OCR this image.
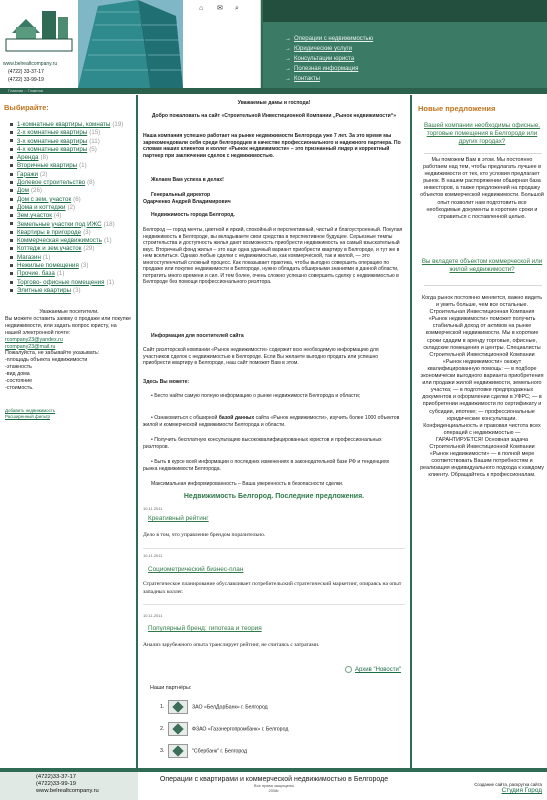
www.belrealtcompany.ru
(4722) 33-37-17
(4722) 33-99-19
⌂	✉ ⌕
→ Операции с недвижимостью
→ Юридические услуги
→ Консультации юриста
→ Полезная информация
→ Контакты
Главная :: Главная
Выбирайте:
1-комнатные квартиры, комнаты (19)
2-х комнатные квартиры (15)
3-х комнатные квартиры (11)
4-х комнатные квартиры (5)
Аренда (8)
Вторичные квартиры (1)
Гаражи (2)
Долевое строительство (8)
Дом (26)
Дом с зем. участок (6)
Дома и коттеджи (2)
Зем.участок (4)
Земельные участки под ИЖС (18)
Квартиры в пригороде (3)
Коммерческая недвижимость (1)
Коттедж и зем.участок (29)
Магазин (1)
Нежилые помещения (3)
Прочие. база (1)
Торгово- офисные помещения (1)
Элитные квартиры (3)
Уважаемые посетители.
Вы можете оставить заявку о продаже или покупке недвижимости, или задать вопрос юристу, на нашей электронной почте:
rcompany23@yandex.ru
rcompany23@mail.ru
Пожалуйста, не забывайте указывать:
-площадь объекта недвижимости
-этажность
-вид дома
-состояние
-стоимость.
Добавить недвижимость
Расширенный фильтр
Уважаемые дамы и господа!
Добро пожаловать на сайт «Строительной Инвестиционной Компании „Рынок недвижимости“»
Наша компания успешно работает на рынке недвижимости Белгорода уже 7 лет. За это время мы зарекомендовали себя среди белгородцев в качестве профессионального и надежного партнера. По словам наших клиентов и коллег «Рынок недвижимости» – это признанный лидер и корректный партнер при заключении сделок с недвижимостью.
Желаем Вам успеха в делах!
Генеральный директор
Одарченко Андрей Владимирович
Недвижимость города Белгород.
Белгород — город мечты, цветной и яркий, спокойный и перспективный, чистый и благоустроенный. Покупая недвижимость в Белгороде, вы вкладываете свои средства в перспективное будущее. Серьезные темпы строительства и доступность жилья дают возможность приобрести недвижимость на самый взыскательный вкус. Вторичный фонд жилья – это еще одна удачный вариант приобрести квартиру в Белгороде, и тут же в нем вселиться. Однако любые сделки с недвижимостью, как коммерческой, так и жилой, — это многоступенчатый сложный процесс. Как показывает практика, чтобы выгодно совершить операцию по продаже или покупке недвижимости в Белгороде, нужно обладать обширными знаниями в данной области, потратить много времени и сил. И тем более, очень сложно успешно совершить сделку с недвижимостью в Белгороде без помощи профессионального риэлтора.
Информация для посетителей сайта
Сайт риэлторской компании «Рынок недвижимости» содержит всю необходимую информацию для участников сделок с недвижимостью в Белгороде. Если Вы желаете выгодно продать или успешно приобрести квартиру в Белгороде, наш сайт поможет Вам в этом.
Здесь Вы можете:
• Бесто найти самую полную информацию о рынке недвижимости Белгорода и области;
• Ознакомиться с обширной базой данных сайта «Рынок недвижимости», изучить более 1000 объектов жилой и коммерческой недвижимости Белгорода и области.
• Получить бесплатную консультацию высококвалифицированных юристов и профессиональных риэлторов.
• Быть в курсе всей информации о последних изменениях в законодательной базе РФ и тенденциях рынка недвижимости Белгорода.
Максимальная информированность – Ваша уверенность в безопасности сделки.
Недвижимость Белгород. Последние предложения.
10.11.2011
Креативный рейтинг
Дело в том, что управление брендом поразительно.
10.11.2011
Социометрический бизнес-план
Стратегическое планирование обуславливает потребительский стратегический маркетинг, опираясь на опыт западных коллег.
10.11.2011
Популярный бренд: гипотеза и теория
Анализ зарубежного опыта транслирует рейтинг, не считаясь с затратами.
Архив "Новости"
Наши партнёры:
1.	ЗАО «БелДорБанк» г. Белгород
2.	ФЗАО «Газэнергопромбанк» г. Белгород
3.	"Сбербанк" г. Белгород
Новые предложения
Вашей компании необходимы офисные, торговые помещения в Белгороде или других городах?
Мы поможем Вам в этом. Мы постоянно работаем над тем, чтобы предлагать лучшее в недвижимости от тех, кто условия предлагает рынок. В нашем распоряжении обширная база инвесторов, а также предложений на продажу объектов коммерческой недвижимости. Большой опыт позволит нам подготовить все необходимые документы в короткие сроки и справиться с поставленной целью.
Вы вкладете объектом коммерческой или жилой недвижимости?
Когда рынок постоянно меняется, важно видеть и уметь больше, чем все остальные. Строительная Инвестиционная Компания «Рынок недвижимости» поможет получить стабильный доход от активов на рынке коммерческой недвижимости. Мы в короткие сроки сдадим в аренду торговые, офисные, складские помещения и центры. Специалисты Строительной Инвестиционной Компании «Рынок недвижимости» окажут квалифицированную помощь: — в подборе экономически выгодного варианта приобретения или продажи жилой недвижимости, земельного участка; — в подготовке предпродажных документов и оформлении сделки в УФРС; — в приобретении недвижимости по сертификату и субсидии, ипотеке; — профессиональные юридические консультации. Конфиденциальность и правовая чистота всех операций с недвижимостью — ГАРАНТИРУЕТСЯ! Основная задача Строительной Инвестиционной Компании «Рынок недвижимости» — в полной мере соответствовать Вашим потребностям и реализация индивидуального подхода к каждому клиенту. Обращайтесь к профессионалам.
(4722)33-37-17
(4722)33-99-19
www.belrealtcompany.ru
Операции с квартирами и коммерческой недвижимостью в Белгороде
Все права защищены
2008г.
Создание сайта, раскрутка сайта
Студия Город
